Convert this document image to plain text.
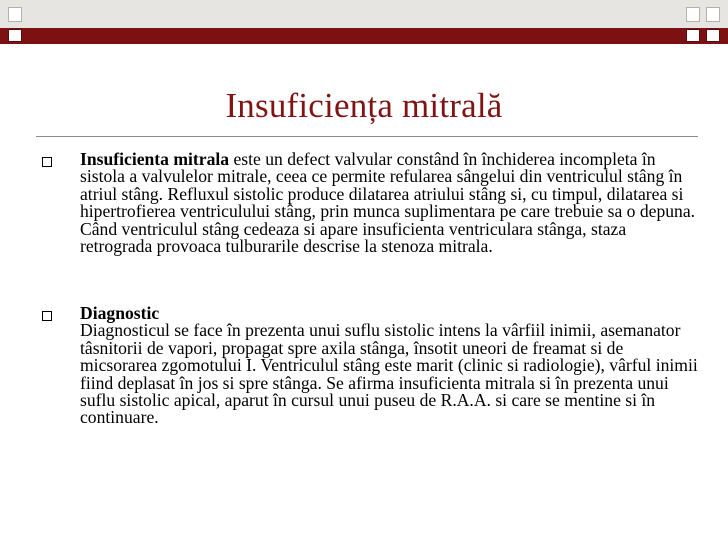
Insuficiența mitrală
Insuficienta mitrala este un defect valvular constând în închiderea incompleta în sistola a valvulelor mitrale, ceea ce permite refularea sângelui din ventriculul stâng în atriul stâng. Refluxul sistolic produce dilatarea atriului stâng si, cu timpul, dilatarea si hipertrofierea ventriculului stâng, prin munca suplimentara pe care trebuie sa o depuna. Când ventriculul stâng cedeaza si apare insuficienta ventriculara stânga, staza retrograda provoaca tulburarile descrise la stenoza mitrala.
Diagnostic
Diagnosticul se face în prezenta unui suflu sistolic intens la vârfiil inimii, asemanator tâsnitorii de vapori, propagat spre axila stânga, însotit uneori de freamat si de micsorarea zgomotului I. Ventriculul stâng este marit (clinic si radiologie), vârful inimii fiind deplasat în jos si spre stânga. Se afirma insuficienta mitrala si în prezenta unui suflu sistolic apical, aparut în cursul unui puseu de R.A.A. si care se mentine si în continuare.
